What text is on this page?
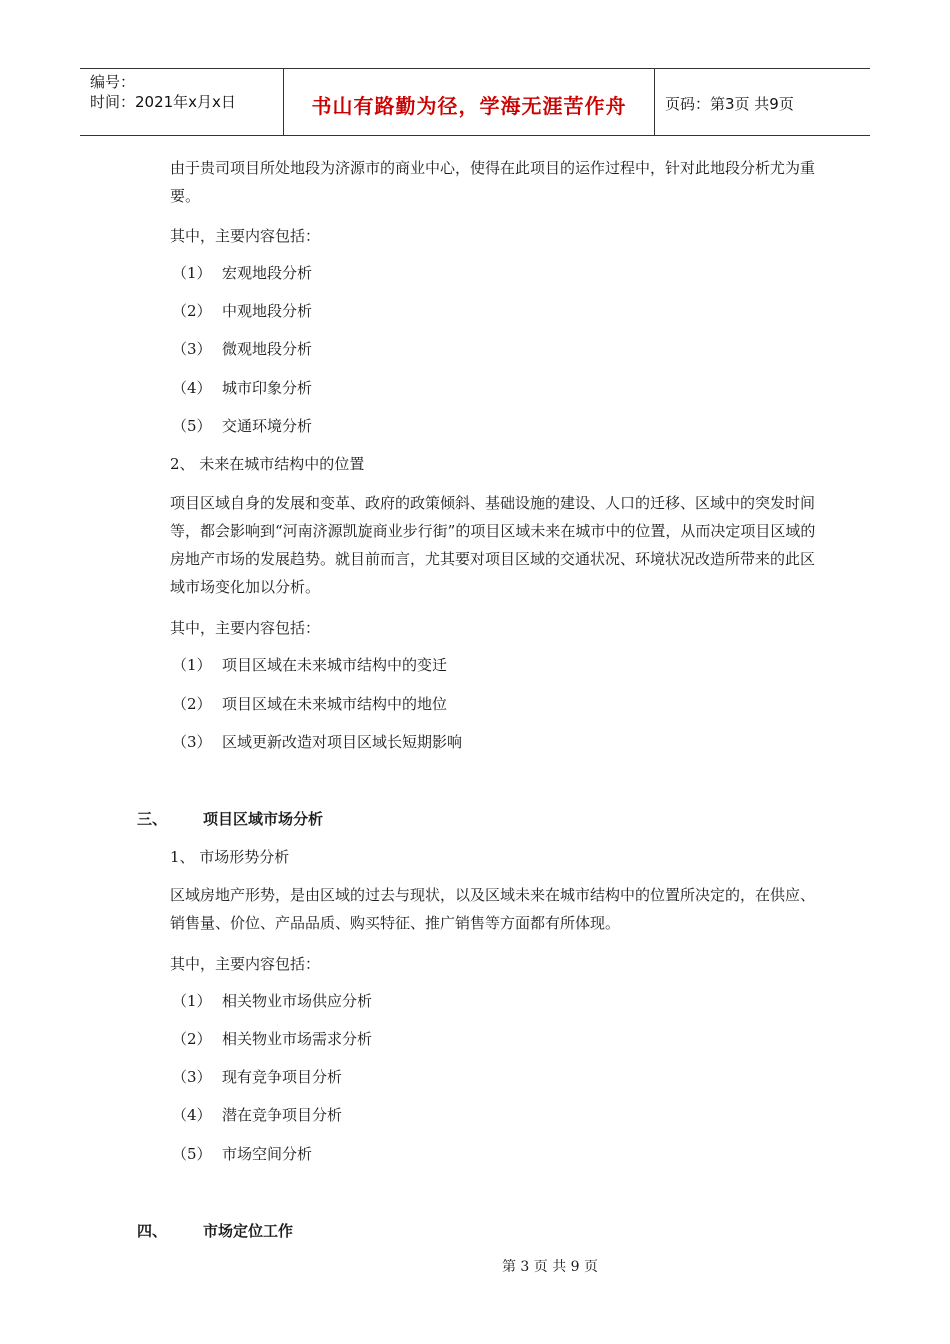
编号：
时间：2021年x月x日	书山有路勤为径，学海无涯苦作舟	页码：第3页 共9页

由于贵司项目所处地段为济源市的商业中心，使得在此项目的运作过程中，针对此地段分析尤为重要。

其中，主要内容包括：

（1） 宏观地段分析
（2） 中观地段分析
（3） 微观地段分析
（4） 城市印象分析
（5） 交通环境分析

2、 未来在城市结构中的位置

项目区域自身的发展和变革、政府的政策倾斜、基础设施的建设、人口的迁移、区域中的突发时间等，都会影响到“河南济源凯旋商业步行街”的项目区域未来在城市中的位置，从而决定项目区域的房地产市场的发展趋势。就目前而言，尤其要对项目区域的交通状况、环境状况改造所带来的此区域市场变化加以分析。

其中，主要内容包括：

（1） 项目区域在未来城市结构中的变迁
（2） 项目区域在未来城市结构中的地位
（3） 区域更新改造对项目区域长短期影响
三、 项目区域市场分析

1、 市场形势分析

区域房地产形势，是由区域的过去与现状，以及区域未来在城市结构中的位置所决定的，在供应、销售量、价位、产品品质、购买特征、推广销售等方面都有所体现。

其中，主要内容包括：

（1） 相关物业市场供应分析
（2） 相关物业市场需求分析
（3） 现有竞争项目分析
（4） 潜在竞争项目分析
（5） 市场空间分析
四、 市场定位工作
第 3 页 共 9 页
